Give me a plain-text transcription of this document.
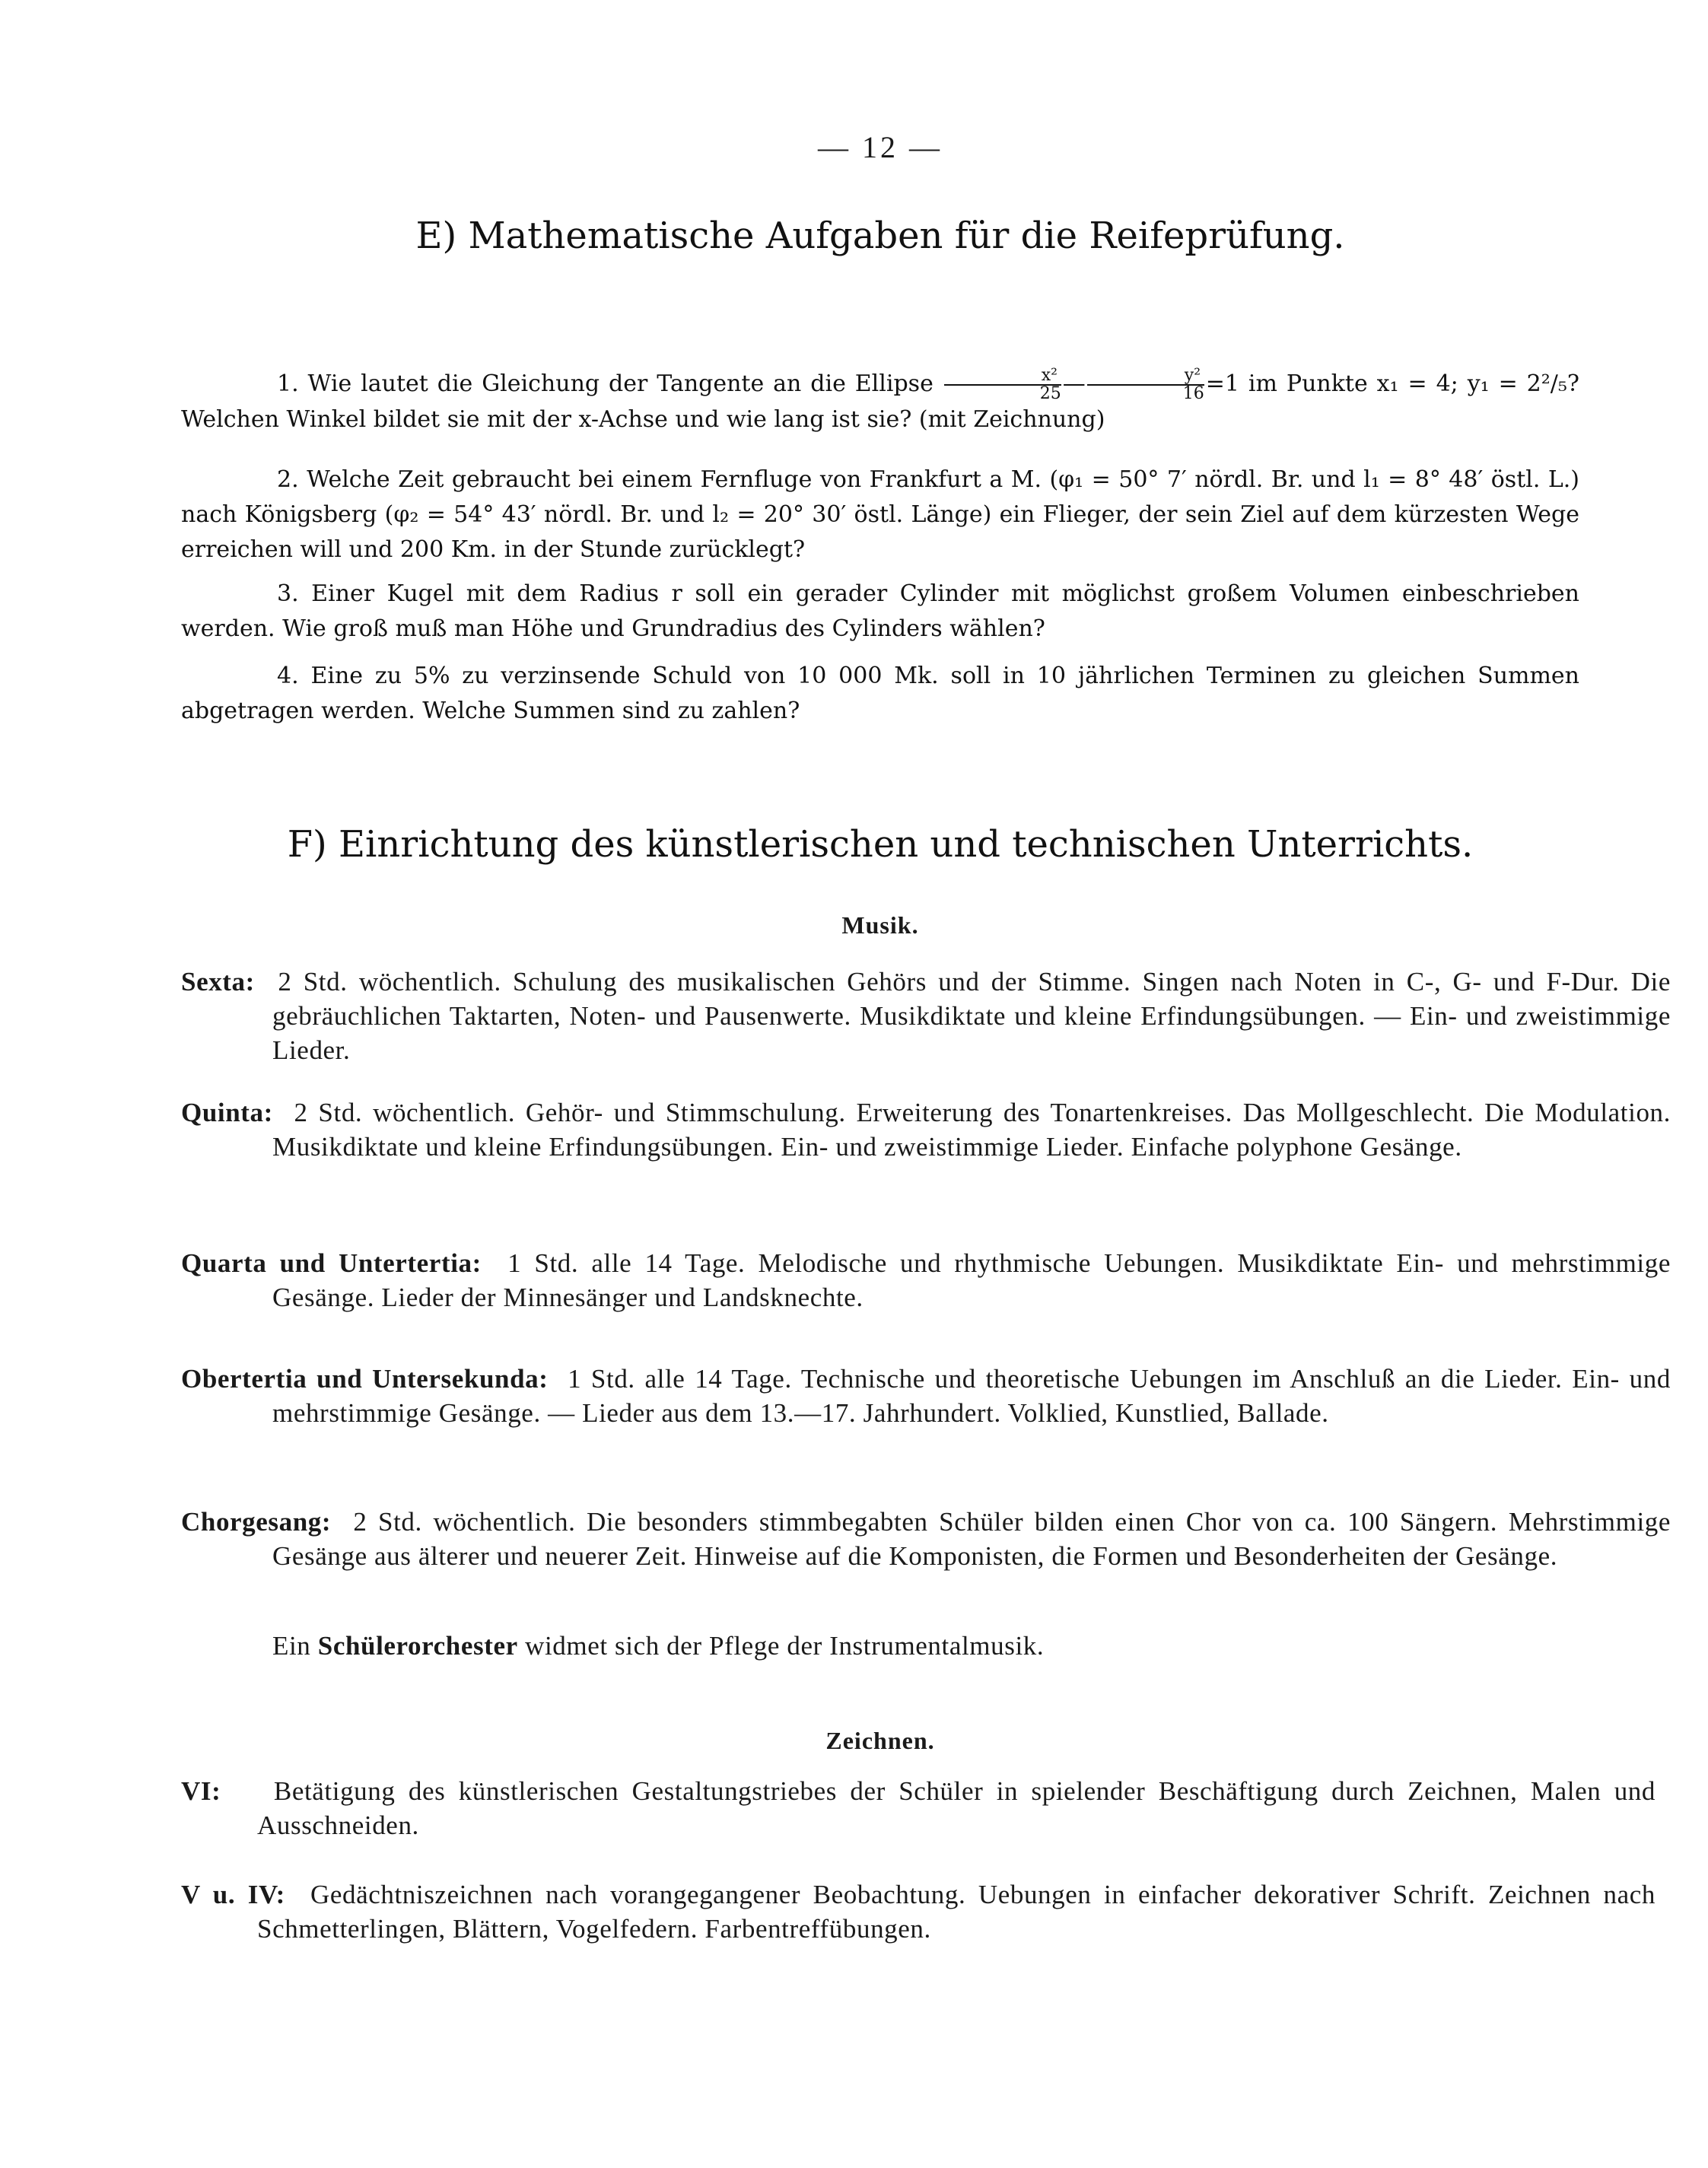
— 12 —
E) Mathematische Aufgaben für die Reifeprüfung.
1. Wie lautet die Gleichung der Tangente an die Ellipse $\frac{\text{x²}}{25}$ — $\frac{\text{y²}}{16} =1$ im Punkte x₁ = 4; y₁ = 2²/₅? Welchen Winkel bildet sie mit der x-Achse und wie lang ist sie? (mit Zeichnung)
2. Welche Zeit gebraucht bei einem Fernfluge von Frankfurt a M. (φ₁ = 50° 7′ nördl. Br. und l₁ = 8° 48′ östl. L.) nach Königsberg (φ₂ = 54° 43′ nördl. Br. und l₂ = 20° 30′ östl. Länge) ein Flieger, der sein Ziel auf dem kürzesten Wege erreichen will und 200 Km. in der Stunde zurücklegt?
3. Einer Kugel mit dem Radius r soll ein gerader Cylinder mit möglichst großem Volumen einbeschrieben werden. Wie groß muß man Höhe und Grundradius des Cylinders wählen?
4. Eine zu 5% zu verzinsende Schuld von 10 000 Mk. soll in 10 jährlichen Terminen zu gleichen Summen abgetragen werden. Welche Summen sind zu zahlen?
F) Einrichtung des künstlerischen und technischen Unterrichts.
Musik.
Sexta: 2 Std. wöchentlich. Schulung des musikalischen Gehörs und der Stimme. Singen nach Noten in C-, G- und F-Dur. Die gebräuchlichen Taktarten, Noten- und Pausenwerte. Musikdiktate und kleine Erfindungsübungen. — Ein- und zweistimmige Lieder.
Quinta: 2 Std. wöchentlich. Gehör- und Stimmschulung. Erweiterung des Tonartenkreises. Das Mollgeschlecht. Die Modulation. Musikdiktate und kleine Erfindungsübungen. Ein- und zweistimmige Lieder. Einfache polyphone Gesänge.
Quarta und Untertertia: 1 Std. alle 14 Tage. Melodische und rhythmische Uebungen. Musikdiktate Ein- und mehrstimmige Gesänge. Lieder der Minnesänger und Landsknechte.
Obertertia und Untersekunda: 1 Std. alle 14 Tage. Technische und theoretische Uebungen im Anschluß an die Lieder. Ein- und mehrstimmige Gesänge. — Lieder aus dem 13.—17. Jahrhundert. Volklied, Kunstlied, Ballade.
Chorgesang: 2 Std. wöchentlich. Die besonders stimmbegabten Schüler bilden einen Chor von ca. 100 Sängern. Mehrstimmige Gesänge aus älterer und neuerer Zeit. Hinweise auf die Komponisten, die Formen und Besonderheiten der Gesänge.
Ein Schülerorchester widmet sich der Pflege der Instrumentalmusik.
Zeichnen.
VI: Betätigung des künstlerischen Gestaltungstriebes der Schüler in spielender Beschäftigung durch Zeichnen, Malen und Ausschneiden.
V u. IV: Gedächtniszeichnen nach vorangegangener Beobachtung. Uebungen in einfacher dekorativer Schrift. Zeichnen nach Schmetterlingen, Blättern, Vogelfedern. Farbentreffübungen.
